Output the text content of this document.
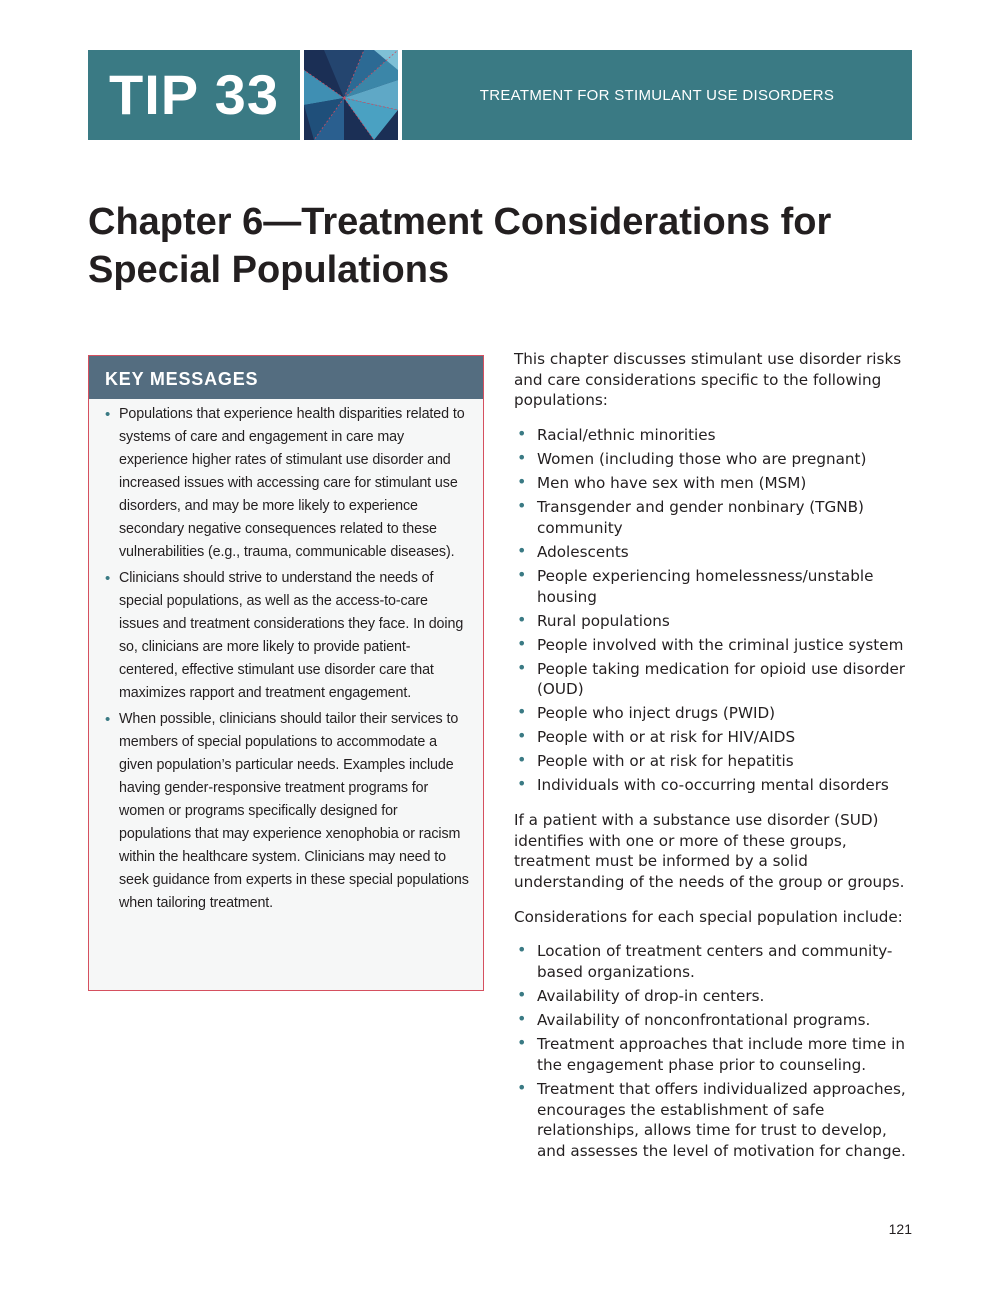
TIP 33	TREATMENT FOR STIMULANT USE DISORDERS
Chapter 6—Treatment Considerations for Special Populations
KEY MESSAGES
• Populations that experience health disparities related to systems of care and engagement in care may experience higher rates of stimulant use disorder and increased issues with accessing care for stimulant use disorders, and may be more likely to experience secondary negative consequences related to these vulnerabilities (e.g., trauma, communicable diseases).
• Clinicians should strive to understand the needs of special populations, as well as the access-to-care issues and treatment considerations they face. In doing so, clinicians are more likely to provide patient-centered, effective stimulant use disorder care that maximizes rapport and treatment engagement.
• When possible, clinicians should tailor their services to members of special populations to accommodate a given population’s particular needs. Examples include having gender-responsive treatment programs for women or programs specifically designed for populations that may experience xenophobia or racism within the healthcare system. Clinicians may need to seek guidance from experts in these special populations when tailoring treatment.

This chapter discusses stimulant use disorder risks and care considerations specific to the following populations:

• Racial/ethnic minorities
• Women (including those who are pregnant)
• Men who have sex with men (MSM)
• Transgender and gender nonbinary (TGNB) community
• Adolescents
• People experiencing homelessness/unstable housing
• Rural populations
• People involved with the criminal justice system
• People taking medication for opioid use disorder (OUD)
• People who inject drugs (PWID)
• People with or at risk for HIV/AIDS
• People with or at risk for hepatitis
• Individuals with co-occurring mental disorders

If a patient with a substance use disorder (SUD) identifies with one or more of these groups, treatment must be informed by a solid understanding of the needs of the group or groups.

Considerations for each special population include:

• Location of treatment centers and community-based organizations.
• Availability of drop-in centers.
• Availability of nonconfrontational programs.
• Treatment approaches that include more time in the engagement phase prior to counseling.
• Treatment that offers individualized approaches, encourages the establishment of safe relationships, allows time for trust to develop, and assesses the level of motivation for change.
121
